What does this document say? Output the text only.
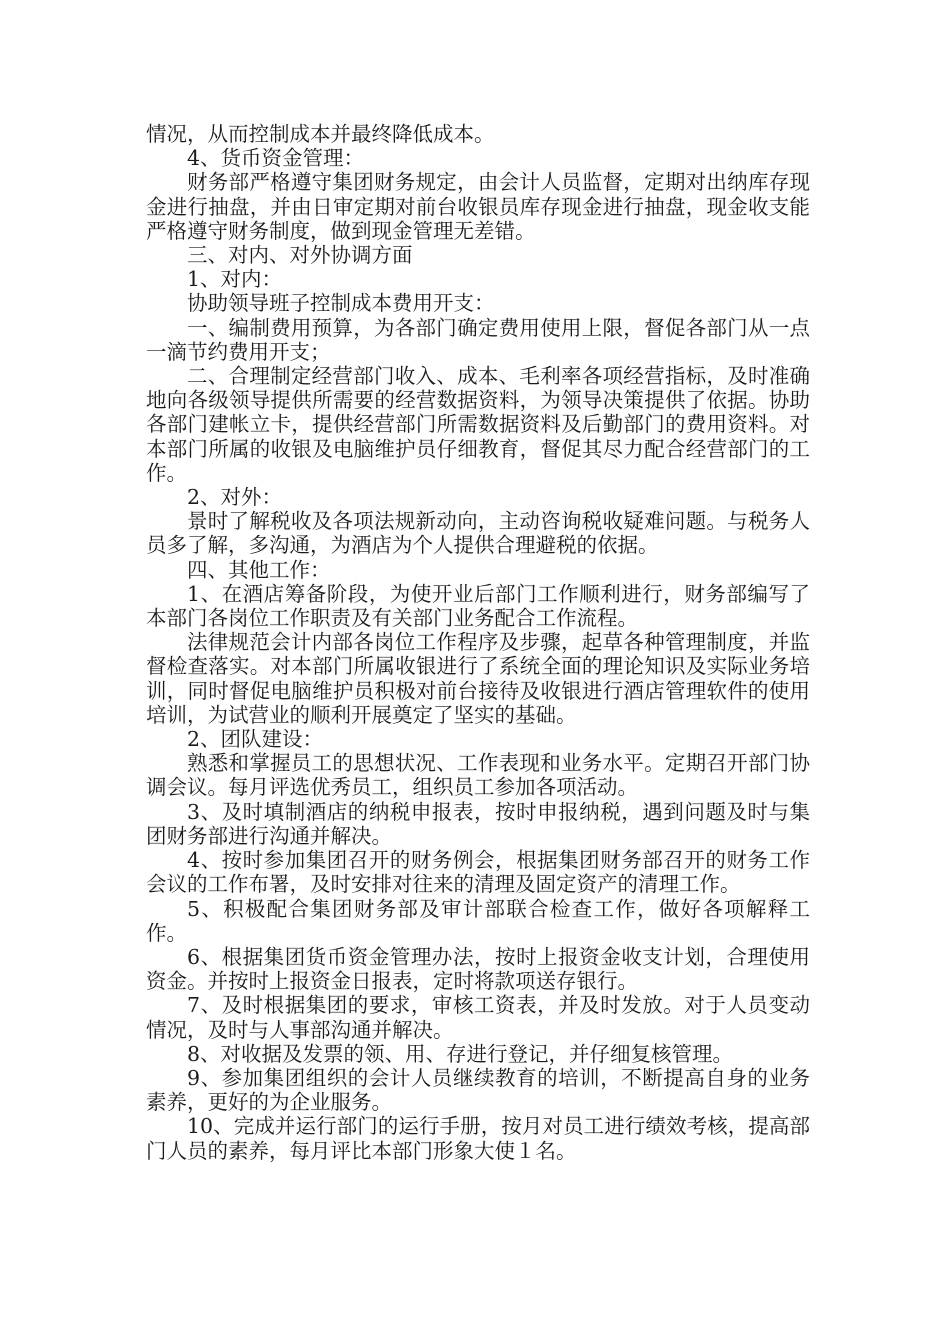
情况，从而控制成本并最终降低成本。

4、货币资金管理：

财务部严格遵守集团财务规定，由会计人员监督，定期对出纳库存现金进行抽盘，并由日审定期对前台收银员库存现金进行抽盘，现金收支能严格遵守财务制度，做到现金管理无差错。

三、对内、对外协调方面

1、对内：

协助领导班子控制成本费用开支：

一、编制费用预算，为各部门确定费用使用上限，督促各部门从一点一滴节约费用开支；

二、合理制定经营部门收入、成本、毛利率各项经营指标，及时准确地向各级领导提供所需要的经营数据资料，为领导决策提供了依据。协助各部门建帐立卡，提供经营部门所需数据资料及后勤部门的费用资料。对本部门所属的收银及电脑维护员仔细教育，督促其尽力配合经营部门的工作。

2、对外：

景时了解税收及各项法规新动向，主动咨询税收疑难问题。与税务人员多了解，多沟通，为酒店为个人提供合理避税的依据。

四、其他工作：

1、在酒店筹备阶段，为使开业后部门工作顺利进行，财务部编写了本部门各岗位工作职责及有关部门业务配合工作流程。

法律规范会计内部各岗位工作程序及步骤，起草各种管理制度，并监督检查落实。对本部门所属收银进行了系统全面的理论知识及实际业务培训，同时督促电脑维护员积极对前台接待及收银进行酒店管理软件的使用培训，为试营业的顺利开展奠定了坚实的基础。

2、团队建设：

熟悉和掌握员工的思想状况、工作表现和业务水平。定期召开部门协调会议。每月评选优秀员工，组织员工参加各项活动。

3、及时填制酒店的纳税申报表，按时申报纳税，遇到问题及时与集团财务部进行沟通并解决。

4、按时参加集团召开的财务例会，根据集团财务部召开的财务工作会议的工作布署，及时安排对往来的清理及固定资产的清理工作。

5、积极配合集团财务部及审计部联合检查工作，做好各项解释工作。

6、根据集团货币资金管理办法，按时上报资金收支计划，合理使用资金。并按时上报资金日报表，定时将款项送存银行。

7、及时根据集团的要求，审核工资表，并及时发放。对于人员变动情况，及时与人事部沟通并解决。

8、对收据及发票的领、用、存进行登记，并仔细复核管理。

9、参加集团组织的会计人员继续教育的培训，不断提高自身的业务素养，更好的为企业服务。

10、完成并运行部门的运行手册，按月对员工进行绩效考核，提高部门人员的素养，每月评比本部门形象大使１名。
